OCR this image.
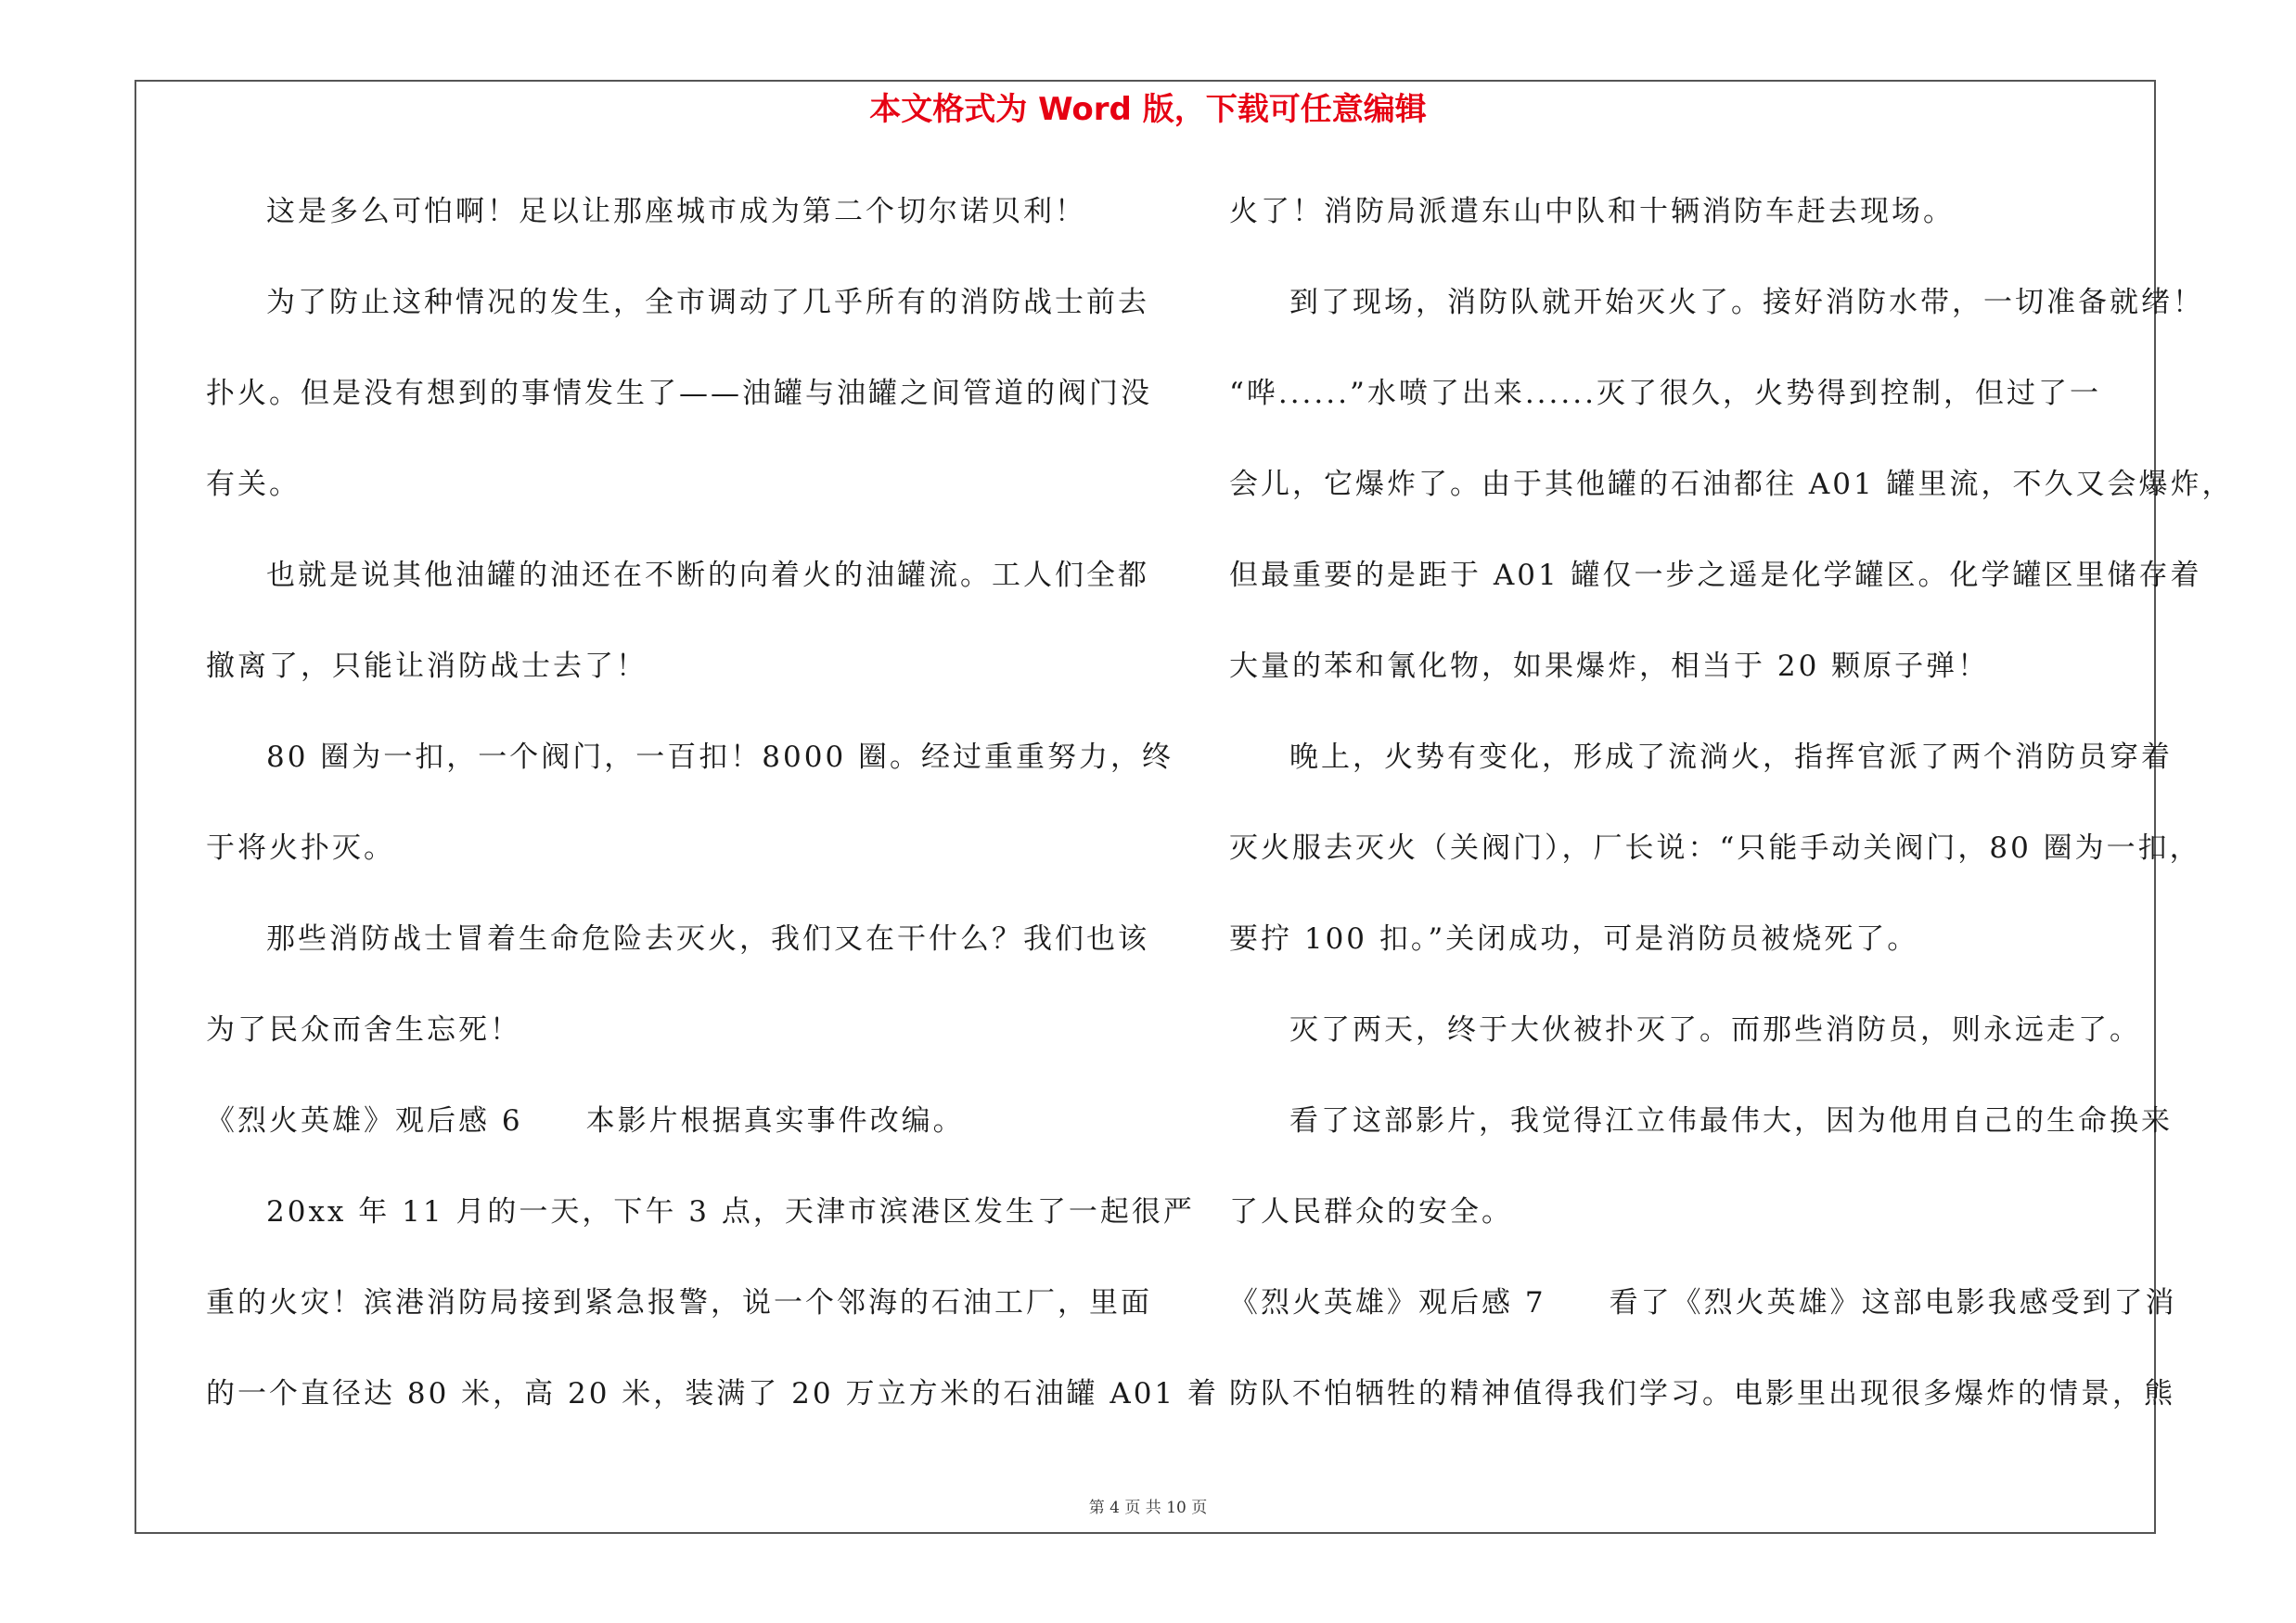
本文格式为 Word 版，下载可任意编辑
这是多么可怕啊！足以让那座城市成为第二个切尔诺贝利！
为了防止这种情况的发生，全市调动了几乎所有的消防战士前去
扑火。但是没有想到的事情发生了——油罐与油罐之间管道的阀门没
有关。
也就是说其他油罐的油还在不断的向着火的油罐流。工人们全都
撤离了，只能让消防战士去了！
80 圈为一扣，一个阀门，一百扣！8000 圈。经过重重努力，终
于将火扑灭。
那些消防战士冒着生命危险去灭火，我们又在干什么？我们也该
为了民众而舍生忘死！
《烈火英雄》观后感 6　　本影片根据真实事件改编。
20xx 年 11 月的一天，下午 3 点，天津市滨港区发生了一起很严
重的火灾！滨港消防局接到紧急报警，说一个邻海的石油工厂，里面
的一个直径达 80 米，高 20 米，装满了 20 万立方米的石油罐 A01 着
火了！消防局派遣东山中队和十辆消防车赶去现场。
到了现场，消防队就开始灭火了。接好消防水带，一切准备就绪！
“哗......”水喷了出来......灭了很久，火势得到控制，但过了一
会儿，它爆炸了。由于其他罐的石油都往 A01 罐里流，不久又会爆炸，
但最重要的是距于 A01 罐仅一步之遥是化学罐区。化学罐区里储存着
大量的苯和氰化物，如果爆炸，相当于 20 颗原子弹！
晚上，火势有变化，形成了流淌火，指挥官派了两个消防员穿着
灭火服去灭火（关阀门），厂长说：“只能手动关阀门，80 圈为一扣，
要拧 100 扣。”关闭成功，可是消防员被烧死了。
灭了两天，终于大伙被扑灭了。而那些消防员，则永远走了。
看了这部影片，我觉得江立伟最伟大，因为他用自己的生命换来
了人民群众的安全。
《烈火英雄》观后感 7　　看了《烈火英雄》这部电影我感受到了消
防队不怕牺牲的精神值得我们学习。电影里出现很多爆炸的情景，熊
第 4 页 共 10 页
